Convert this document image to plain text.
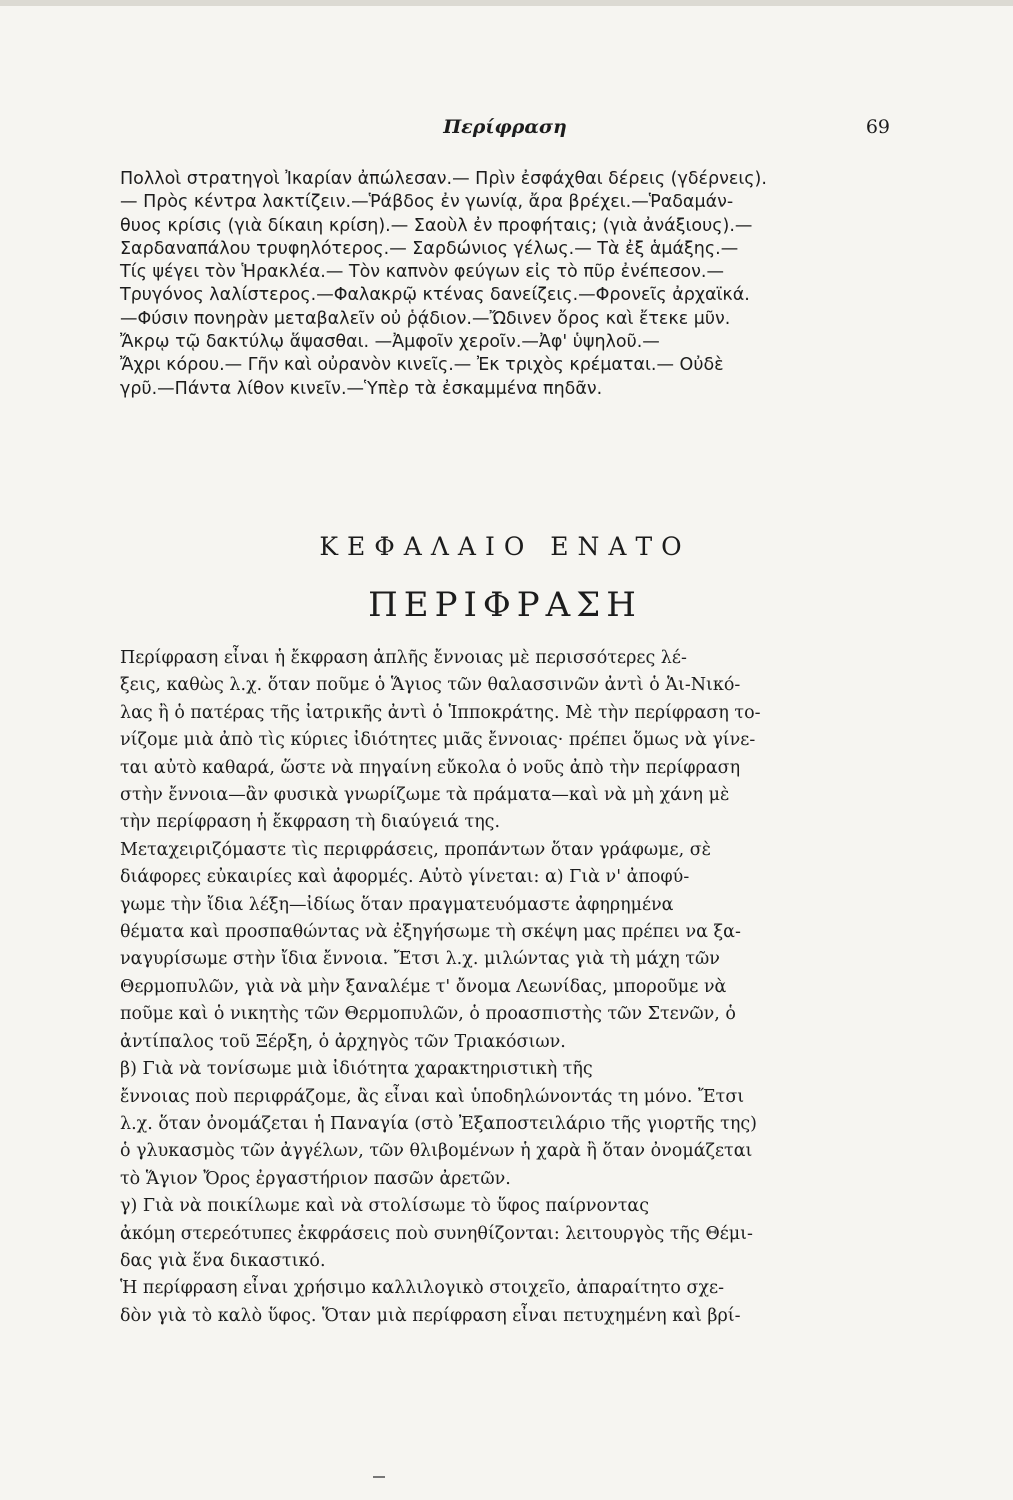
Περίφραση	69

Πολλοὶ στρατηγοὶ Ἰκαρίαν ἀπώλεσαν.— Πρὶν ἐσφάχθαι δέρεις (γδέρνεις).

— Πρὸς κέντρα λακτίζειν.—Ῥάβδος ἐν γωνίᾳ, ἄρα βρέχει.—Ῥαδαμάν-

θυος κρίσις (γιὰ δίκαιη κρίση).— Σαοὺλ ἐν προφήταις; (γιὰ ἀνάξιους).—

Σαρδαναπάλου τρυφηλότερος.— Σαρδώνιος γέλως.— Τὰ ἐξ ἁμάξης.—

Τίς ψέγει τὸν Ἡρακλέα.— Τὸν καπνὸν φεύγων εἰς τὸ πῦρ ἐνέπεσον.—

Τρυγόνος λαλίστερος.—Φαλακρῷ κτένας δανείζεις.—Φρονεῖς ἀρχαϊκά.

—Φύσιν πονηρὰν μεταβαλεῖν οὐ ῥᾴδιον.—Ὤδινεν ὄρος καὶ ἔτεκε μῦν.

Ἄκρῳ τῷ δακτύλῳ ἅψασθαι. —Ἀμφοῖν χεροῖν.—Ἀφ' ὑψηλοῦ.—

Ἄχρι κόρου.— Γῆν καὶ οὐρανὸν κινεῖς.— Ἐκ τριχὸς κρέμαται.— Οὐδὲ

γρῦ.—Πάντα λίθον κινεῖν.—Ὑπὲρ τὰ ἐσκαμμένα πηδᾶν.

ΚΕΦΑΛΑΙΟ ΕΝΑΤΟ
ΠΕΡΙΦΡΑΣΗ

Περίφραση εἶναι ἡ ἔκφραση ἁπλῆς ἔννοιας μὲ περισσότερες λέ-

ξεις, καθὼς λ.χ. ὅταν ποῦμε ὁ Ἅγιος τῶν θαλασσινῶν ἀντὶ ὁ Ἁι-Νικό-

λας ἢ ὁ πατέρας τῆς ἰατρικῆς ἀντὶ ὁ Ἱπποκράτης. Μὲ τὴν περίφραση το-

νίζομε μιὰ ἀπὸ τὶς κύριες ἰδιότητες μιᾶς ἔννοιας· πρέπει ὅμως νὰ γίνε-

ται αὐτὸ καθαρά, ὥστε νὰ πηγαίνη εὔκολα ὁ νοῦς ἀπὸ τὴν περίφραση

στὴν ἔννοια—ἂν φυσικὰ γνωρίζωμε τὰ πράματα—καὶ νὰ μὴ χάνη μὲ

τὴν περίφραση ἡ ἔκφραση τὴ διαύγειά της.

Μεταχειριζόμαστε τὶς περιφράσεις, προπάντων ὅταν γράφωμε, σὲ

διάφορες εὐκαιρίες καὶ ἀφορμές. Αὐτὸ γίνεται: α) Γιὰ ν' ἀποφύ-

γωμε τὴν ἴδια λέξη—ἰδίως ὅταν πραγματευόμαστε ἀφηρημένα

θέματα καὶ προσπαθώντας νὰ ἐξηγήσωμε τὴ σκέψη μας πρέπει να ξα-

ναγυρίσωμε στὴν ἴδια ἔννοια. Ἔτσι λ.χ. μιλώντας γιὰ τὴ μάχη τῶν

Θερμοπυλῶν, γιὰ νὰ μὴν ξαναλέμε τ' ὄνομα Λεωνίδας, μποροῦμε νὰ

ποῦμε καὶ ὁ νικητὴς τῶν Θερμοπυλῶν, ὁ προασπιστὴς τῶν Στενῶν, ὁ

ἀντίπαλος τοῦ Ξέρξη, ὁ ἀρχηγὸς τῶν Τριακόσιων.

β) Γιὰ νὰ τονίσωμε μιὰ ἰδιότητα χαρακτηριστικὴ τῆς

ἔννοιας ποὺ περιφράζομε, ἂς εἶναι καὶ ὑποδηλώνοντάς τη μόνο. Ἔτσι

λ.χ. ὅταν ὀνομάζεται ἡ Παναγία (στὸ Ἐξαποστειλάριο τῆς γιορτῆς της)

ὁ γλυκασμὸς τῶν ἀγγέλων, τῶν θλιβομένων ἡ χαρὰ ἢ ὅταν ὀνομάζεται

τὸ Ἅγιον Ὄρος ἐργαστήριον πασῶν ἀρετῶν.

γ) Γιὰ νὰ ποικίλωμε καὶ νὰ στολίσωμε τὸ ὕφος παίρνοντας

ἀκόμη στερεότυπες ἐκφράσεις ποὺ συνηθίζονται: λειτουργὸς τῆς Θέμι-

δας γιὰ ἕνα δικαστικό.

Ἡ περίφραση εἶναι χρήσιμο καλλιλογικὸ στοιχεῖο, ἀπαραίτητο σχε-

δὸν γιὰ τὸ καλὸ ὕφος. Ὅταν μιὰ περίφραση εἶναι πετυχημένη καὶ βρί-
